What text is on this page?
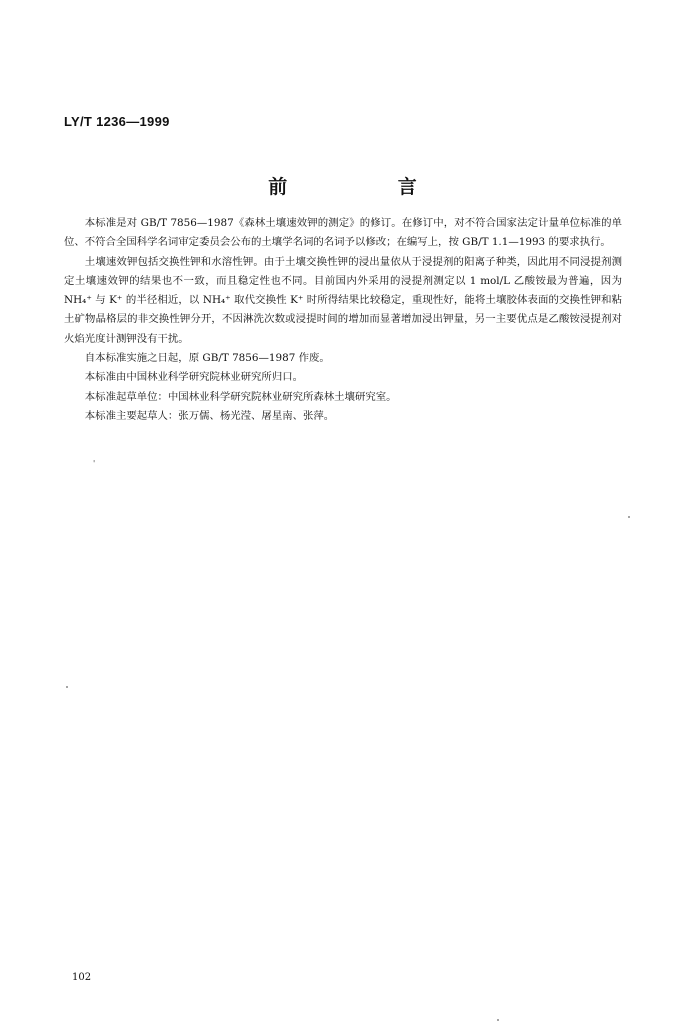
LY/T 1236—1999
前 言

本标准是对 GB/T 7856—1987《森林土壤速效钾的测定》的修订。在修订中，对不符合国家法定计量单位标准的单位、不符合全国科学名词审定委员会公布的土壤学名词的名词予以修改；在编写上，按 GB/T 1.1—1993 的要求执行。

土壤速效钾包括交换性钾和水溶性钾。由于土壤交换性钾的浸出量依从于浸提剂的阳离子种类，因此用不同浸提剂测定土壤速效钾的结果也不一致，而且稳定性也不同。目前国内外采用的浸提剂测定以 1 mol/L 乙酸铵最为普遍，因为 NH₄⁺ 与 K⁺ 的半径相近，以 NH₄⁺ 取代交换性 K⁺ 时所得结果比较稳定，重现性好，能将土壤胶体表面的交换性钾和粘土矿物晶格层的非交换性钾分开，不因淋洗次数或浸提时间的增加而显著增加浸出钾量，另一主要优点是乙酸铵浸提剂对火焰光度计测钾没有干扰。

自本标准实施之日起，原 GB/T 7856—1987 作废。

本标准由中国林业科学研究院林业研究所归口。

本标准起草单位：中国林业科学研究院林业研究所森林土壤研究室。

本标准主要起草人：张万儒、杨光滢、屠星南、张萍。

'
102
